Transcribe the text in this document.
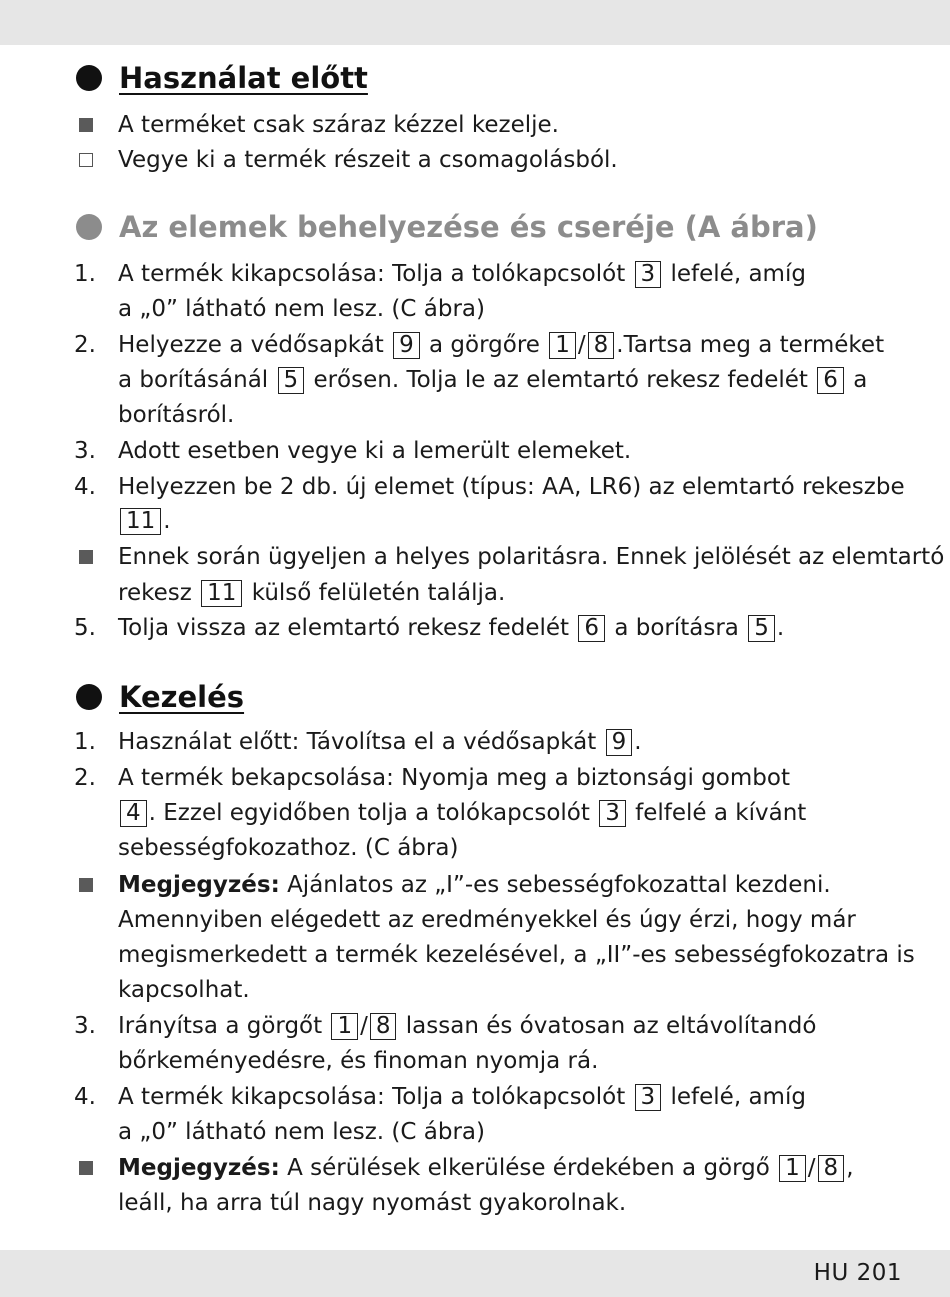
Használat előtt
A terméket csak száraz kézzel kezelje.
Vegye ki a termék részeit a csomagolásból.
Az elemek behelyezése és cseréje (A ábra)
Kezelés
1. A termék kikapcsolása: Tolja a tolókapcsolót 3 lefelé, amíg
a „0” látható nem lesz. (C ábra)
2. Helyezze a védősapkát 9 a görgőre 1 / 8 .Tartsa meg a terméket
a borításánál 5 erősen. Tolja le az elemtartó rekesz fedelét 6 a
borításról.
3. Adott esetben vegye ki a lemerült elemeket.
4. Helyezzen be 2 db. új elemet (típus: AA, LR6) az elemtartó rekeszbe
11 .
Ennek során ügyeljen a helyes polaritásra. Ennek jelölését az elemtartó
rekesz 11 külső felületén találja.
5. Tolja vissza az elemtartó rekesz fedelét 6 a borításra 5 .
1. Használat előtt: Távolítsa el a védősapkát 9 .
2. A termék bekapcsolása: Nyomja meg a biztonsági gombot
4 . Ezzel egyidőben tolja a tolókapcsolót 3 felfelé a kívánt
sebességfokozathoz. (C ábra)
Megjegyzés: Ajánlatos az „I”-es sebességfokozattal kezdeni.
Amennyiben elégedett az eredményekkel és úgy érzi, hogy már
megismerkedett a termék kezelésével, a „II”-es sebességfokozatra is
kapcsolhat.
3. Irányítsa a görgőt 1 / 8 lassan és óvatosan az eltávolítandó
bőrkeményedésre, és finoman nyomja rá.
4. A termék kikapcsolása: Tolja a tolókapcsolót 3 lefelé, amíg
a „0” látható nem lesz. (C ábra)
Megjegyzés: A sérülések elkerülése érdekében a görgő 1 / 8 ,
leáll, ha arra túl nagy nyomást gyakorolnak.
HU 201
